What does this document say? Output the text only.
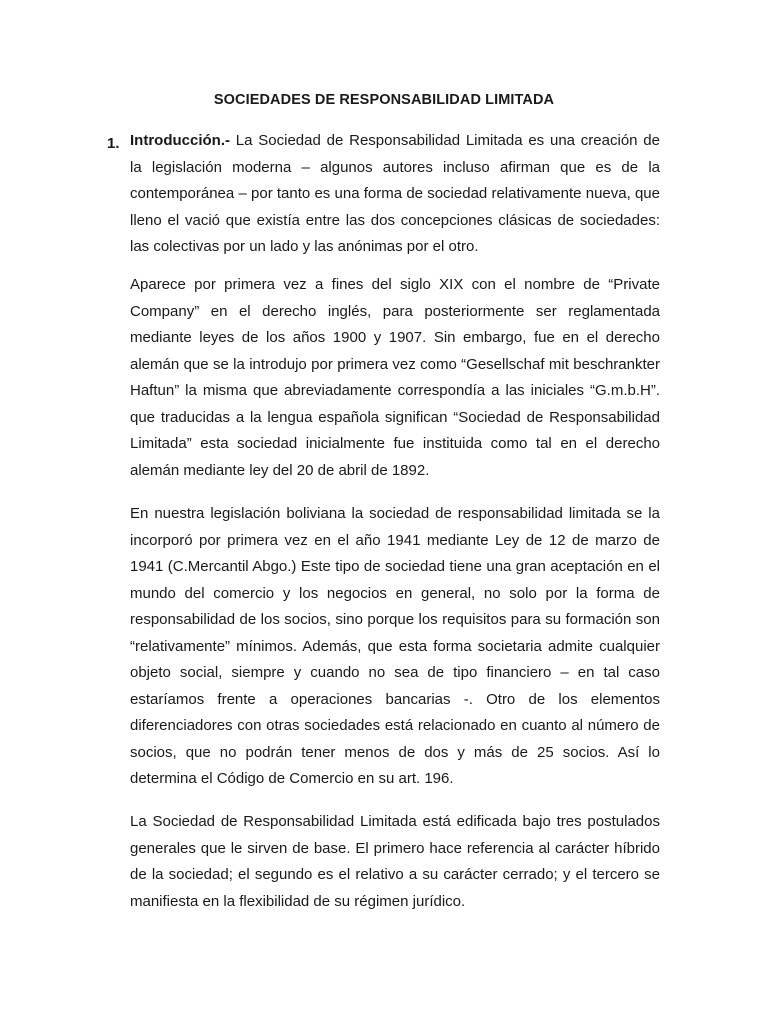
SOCIEDADES DE RESPONSABILIDAD LIMITADA
1. Introducción.- La Sociedad de Responsabilidad Limitada es una creación de la legislación moderna – algunos autores incluso afirman que es de la contemporánea – por tanto es una forma de sociedad relativamente nueva, que lleno el vació que existía entre las dos concepciones clásicas de sociedades: las colectivas por un lado y las anónimas por el otro.

Aparece por primera vez a fines del siglo XIX con el nombre de “Private Company” en el derecho inglés, para posteriormente ser reglamentada mediante leyes de los años 1900 y 1907. Sin embargo, fue en el derecho alemán que se la introdujo por primera vez como “Gesellschaf mit beschrankter Haftun” la misma que abreviadamente correspondía a las iniciales “G.m.b.H”. que traducidas a la lengua española significan “Sociedad de Responsabilidad Limitada” esta sociedad inicialmente fue instituida como tal en el derecho alemán mediante ley del 20 de abril de 1892.

En nuestra legislación boliviana la sociedad de responsabilidad limitada se la incorporó por primera vez en el año 1941 mediante Ley de 12 de marzo de 1941 (C.Mercantil Abgo.) Este tipo de sociedad tiene una gran aceptación en el mundo del comercio y los negocios en general, no solo por la forma de responsabilidad de los socios, sino porque los requisitos para su formación son “relativamente” mínimos. Además, que esta forma societaria admite cualquier objeto social, siempre y cuando no sea de tipo financiero – en tal caso estaríamos frente a operaciones bancarias -. Otro de los elementos diferenciadores con otras sociedades está relacionado en cuanto al número de socios, que no podrán tener menos de dos y más de 25 socios. Así lo determina el Código de Comercio en su art. 196.

La Sociedad de Responsabilidad Limitada está edificada bajo tres postulados generales que le sirven de base. El primero hace referencia al carácter híbrido de la sociedad; el segundo es el relativo a su carácter cerrado; y el tercero se manifiesta en la flexibilidad de su régimen jurídico.
